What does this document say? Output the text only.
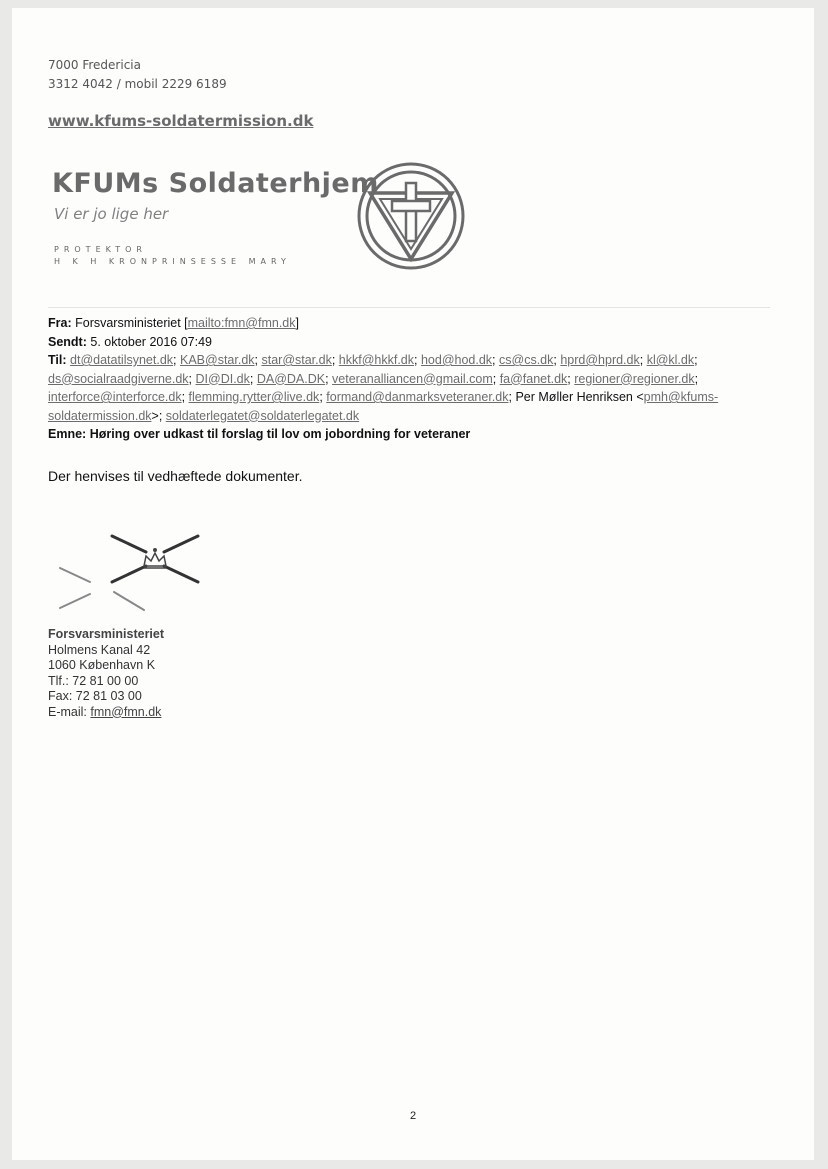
7000 Fredericia
3312 4042 / mobil 2229 6189
www.kfums-soldatermission.dk
KFUMs Soldaterhjem
Vi er jo lige her
PROTEKTOR
H K H KRONPRINSESSE MARY
Fra: Forsvarsministeriet [mailto:fmn@fmn.dk]
Sendt: 5. oktober 2016 07:49
Til: dt@datatilsynet.dk; KAB@star.dk; star@star.dk; hkkf@hkkf.dk; hod@hod.dk; cs@cs.dk; hprd@hprd.dk; kl@kl.dk; ds@socialraadgiverne.dk; DI@DI.dk; DA@DA.DK; veteranalliancen@gmail.com; fa@fanet.dk; regioner@regioner.dk; interforce@interforce.dk; flemming.rytter@live.dk; formand@danmarksveteraner.dk; Per Møller Henriksen <pmh@kfums-soldatermission.dk>; soldaterlegatet@soldaterlegatet.dk
Emne: Høring over udkast til forslag til lov om jobordning for veteraner
Der henvises til vedhæftede dokumenter.
Forsvarsministeriet
Holmens Kanal 42
1060 København K
Tlf.: 72 81 00 00
Fax: 72 81 03 00
E-mail: fmn@fmn.dk
2
